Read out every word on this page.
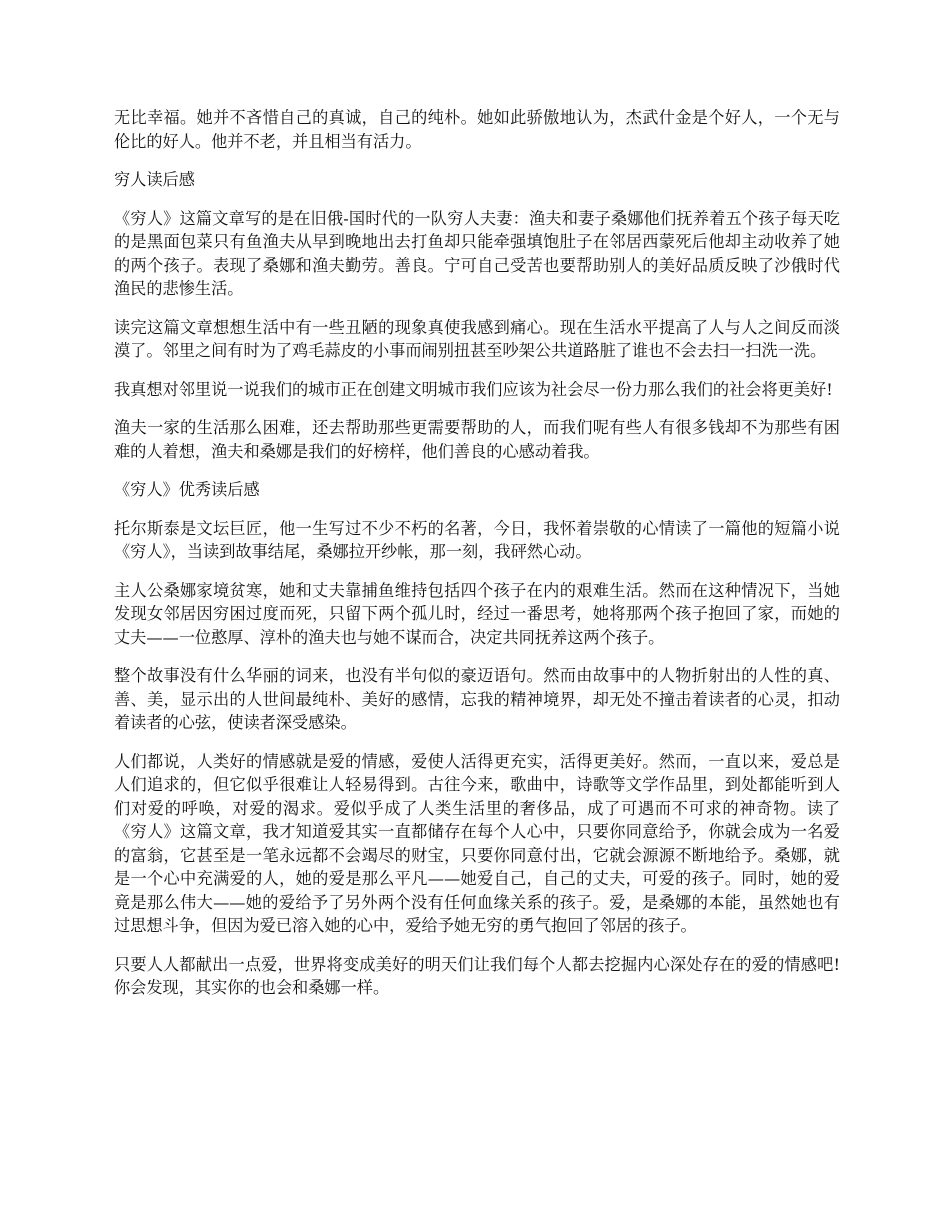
无比幸福。她并不吝惜自己的真诚，自己的纯朴。她如此骄傲地认为，杰武什金是个好人，一个无与伦比的好人。他并不老，并且相当有活力。

穷人读后感

《穷人》这篇文章写的是在旧俄-国时代的一队穷人夫妻：渔夫和妻子桑娜他们抚养着五个孩子每天吃的是黑面包菜只有鱼渔夫从早到晚地出去打鱼却只能牵强填饱肚子在邻居西蒙死后他却主动收养了她的两个孩子。表现了桑娜和渔夫勤劳。善良。宁可自己受苦也要帮助别人的美好品质反映了沙俄时代渔民的悲惨生活。

读完这篇文章想想生活中有一些丑陋的现象真使我感到痛心。现在生活水平提高了人与人之间反而淡漠了。邻里之间有时为了鸡毛蒜皮的小事而闹别扭甚至吵架公共道路脏了谁也不会去扫一扫洗一洗。

我真想对邻里说一说我们的城市正在创建文明城市我们应该为社会尽一份力那么我们的社会将更美好!

渔夫一家的生活那么困难，还去帮助那些更需要帮助的人，而我们呢有些人有很多钱却不为那些有困难的人着想，渔夫和桑娜是我们的好榜样，他们善良的心感动着我。

《穷人》优秀读后感

托尔斯泰是文坛巨匠，他一生写过不少不朽的名著，今日，我怀着崇敬的心情读了一篇他的短篇小说《穷人》，当读到故事结尾，桑娜拉开纱帐，那一刻，我砰然心动。

主人公桑娜家境贫寒，她和丈夫靠捕鱼维持包括四个孩子在内的艰难生活。然而在这种情况下，当她发现女邻居因穷困过度而死，只留下两个孤儿时，经过一番思考，她将那两个孩子抱回了家，而她的丈夫——一位憨厚、淳朴的渔夫也与她不谋而合，决定共同抚养这两个孩子。

整个故事没有什么华丽的词来，也没有半句似的豪迈语句。然而由故事中的人物折射出的人性的真、善、美，显示出的人世间最纯朴、美好的感情，忘我的精神境界，却无处不撞击着读者的心灵，扣动着读者的心弦，使读者深受感染。

人们都说，人类好的情感就是爱的情感，爱使人活得更充实，活得更美好。然而，一直以来，爱总是人们追求的，但它似乎很难让人轻易得到。古往今来，歌曲中，诗歌等文学作品里，到处都能听到人们对爱的呼唤，对爱的渴求。爱似乎成了人类生活里的奢侈品，成了可遇而不可求的神奇物。读了《穷人》这篇文章，我才知道爱其实一直都储存在每个人心中，只要你同意给予，你就会成为一名爱的富翁，它甚至是一笔永远都不会竭尽的财宝，只要你同意付出，它就会源源不断地给予。桑娜，就是一个心中充满爱的人，她的爱是那么平凡——她爱自己，自己的丈夫，可爱的孩子。同时，她的爱竟是那么伟大——她的爱给予了另外两个没有任何血缘关系的孩子。爱，是桑娜的本能，虽然她也有过思想斗争，但因为爱已溶入她的心中，爱给予她无穷的勇气抱回了邻居的孩子。

只要人人都献出一点爱，世界将变成美好的明天们让我们每个人都去挖掘内心深处存在的爱的情感吧!你会发现，其实你的也会和桑娜一样。
